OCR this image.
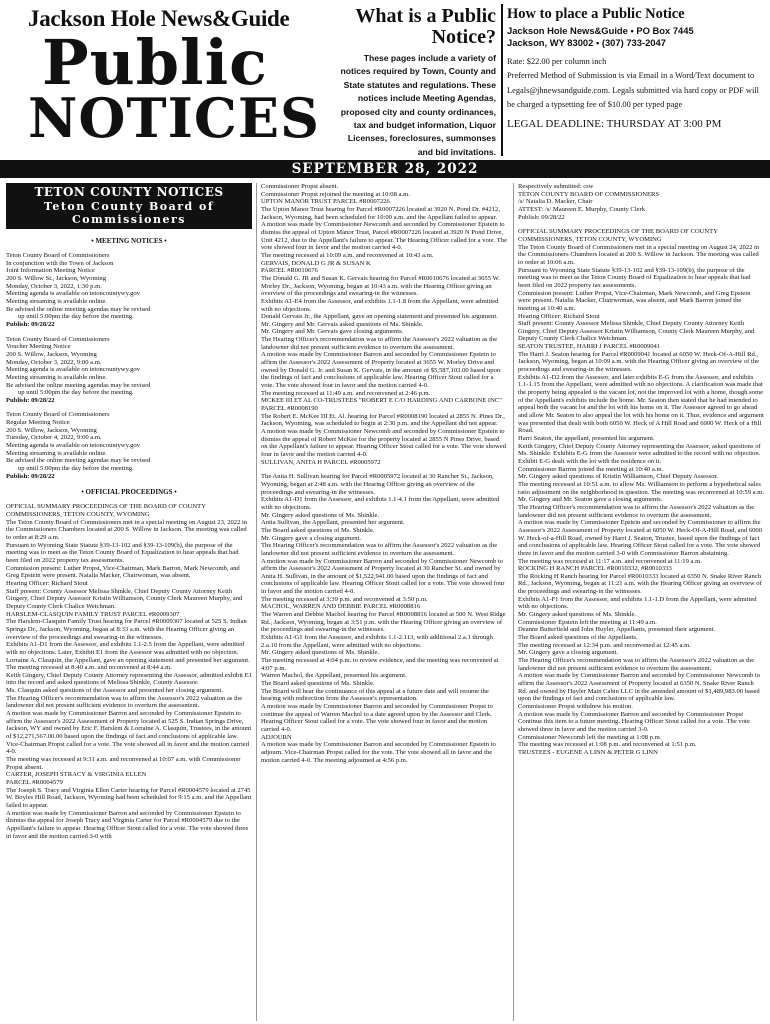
Jackson Hole News&Guide
Public
NOTICES
What is a Public Notice?
These pages include a variety of notices required by Town, County and State statutes and regulations. These notices include Meeting Agendas, proposed city and county ordinances, tax and budget information, Liquor Licenses, foreclosures, summonses and bid invitations.
How to place a Public Notice
Jackson Hole News&Guide • PO Box 7445
Jackson, WY 83002 • (307) 733-2047
Rate: $22.00 per column inch
Preferred Method of Submission is via Email in a Word/Text document to Legals@jhnewsandguide.com. Legals submitted via hard copy or PDF will be charged a typsetting fee of $10.00 per typed page
LEGAL DEADLINE: THURSDAY AT 3:00 PM
SEPTEMBER 28, 2022
TETON COUNTY NOTICES
Teton County Board of Commissioners
• MEETING NOTICES •
Teton County Board of Commissioners
In conjunction with the Town of Jackson
Joint Information Meeting Notice
200 S. Willow St., Jackson, Wyoming
Monday, October 3, 2022, 1:30 p.m.
Meeting agenda is available on tetoncountywy.gov
Meeting streaming is available online.
Be advised the online meeting agendas may be revised
up until 5:00pm the day before the meeting.
Publish: 09/28/22
Teton County Board of Commissioners
Voucher Meeting Notice
200 S. Willow, Jackson, Wyoming
Monday, October 3, 2022, 9:00 a.m.
Meeting agenda is available on tetoncountywy.gov
Meeting streaming is available online.
Be advised the online meeting agendas may be revised
up until 5:00pm the day before the meeting.
Publish: 09/28/22
Teton County Board of Commissioners
Regular Meeting Notice
200 S. Willow, Jackson, Wyoming
Tuesday, October 4, 2022, 9:00 a.m.
Meeting agenda is available on tetoncountywy.gov
Meeting streaming is available online.
Be advised the online meeting agendas may be revised
up until 5:00pm the day before the meeting.
Publish: 09/28/22
• OFFICIAL PROCEEDINGS •
OFFICIAL SUMMARY PROCEEDINGS OF THE BOARD OF COUNTY COMMISSIONERS, TETON COUNTY, WYOMING
The Teton County Board of Commissioners met in a special meeting on August 23, 2022 in the Commissioners Chambers located at 200 S. Willow in Jackson. The meeting was called to order at 8:29 a.m.
Pursuant to Wyoming State Statute §39-13-102 and §39-13-109(b), the purpose of the meeting was to meet as the Teton County Board of Equalization to hear appeals that had been filed on 2022 property tax assessments.
Commission present: Luther Propst, Vice-Chairman, Mark Barron, Mark Newcomb, and Greg Epstein were present. Natalia Macker, Chairwoman, was absent.
Hearing Officer: Richard Stout
Staff present: County Assessor Melissa Shinkle, Chief Deputy County Attorney Keith Gingery, Chief Deputy Assessor Kristin Williamson, County Clerk Maureen Murphy, and Deputy County Clerk Chalice Weichman.
HARSLEM-CLASQUIN FAMILY TRUST PARCEL #R0009307
The Harslem-Clasquin Family Trust hearing for Parcel #R0009307 located at 525 S. Indian Springs Dr., Jackson, Wyoming, began at 8:33 a.m. with the Hearing Officer giving an overview of the proceedings and swearing-in the witnesses.
Exhibits A1-D1 from the Assessor, and exhibits 1.1-2.5 from the Appellant, were admitted with no objections. Later, Exhibit E1 from the Assessor was admitted with no objection.
Lorraine A. Clasquin, the Appellant, gave an opening statement and presented her argument.
The meeting recessed at 8:40 a.m. and reconvened at 8:44 a.m.
Keith Gingery, Chief Deputy County Attorney representing the Assessor, admitted exhibit E1 into the record and asked questions of Melissa Shinkle, County Assessor.
Ms. Clasquin asked questions of the Assessor and presented her closing argument.
The Hearing Officer's recommendation was to affirm the Assessor's 2022 valuation as the landowner did not present sufficient evidence to overturn the assessment.
A motion was made by Commissioner Barron and seconded by Commissioner Epstein to affirm the Assessor's 2022 Assessment of Property located at 525 S. Indian Springs Drive, Jackson, WY and owned by Eric F. Harslem & Lorraine A. Clasquin, Trustees, in the amount of $12,271,567.00.00 based upon the findings of fact and conclusions of applicable law. Vice-Chairman Propst called for a vote. The vote showed all in favor and the motion carried 4-0.
The meeting was recessed at 9:31 a.m. and reconvened at 10:07 a.m. with Commissioner Propst absent.
CARTER, JOSEPH STRACY & VIRGINIA ELLEN
PARCEL #R0004579
The Joseph S. Tracy and Virginia Ellen Carter hearing for Parcel #R0004579 located at 2745 W. Boyles Hill Road, Jackson, Wyoming had been scheduled for 9:15 a.m. and the Appellant failed to appear.
A motion was made by Commissioner Barron and seconded by Commissioner Epstein to dismiss the appeal for Joseph Tracy and Virginia Carter for Parcel #R0004579 due to the Appellant's failure to appear. Hearing Officer Stout called for a vote. The vote showed three in favor and the motion carried 3-0 with
Commissioner Propst absent.
Commissioner Propst rejoined the meeting at 10:08 a.m.
UPTON MANOR TRUST PARCEL #R0007226
The Upton Manor Trust hearing for Parcel #R0007226 located at 3920 N. Pond Dr. #4212, Jackson, Wyoming, had been scheduled for 10:00 a.m. and the Appellant failed to appear.
A motion was made by Commissioner Newcomb and seconded by Commissioner Epstein to dismiss the appeal of Upton Manor Trust, Parcel #R0007226 located at 3920 N Pond Drive, Unit 4212, due to the Appellant's failure to appear. The Hearing Officer called for a vote. The vote showed four in favor and the motion carried 4-0.
The meeting recessed at 10:09 a.m. and reconvened at 10:43 a.m.
GERVAIS, DONALD G JR & SUSAN K
PARCEL #R0010676
The Donald G. JR and Susan K. Gervais hearing for Parcel #R0010676 located at 3655 W. Morley Dr., Jackson, Wyoming, began at 10:43 a.m. with the Hearing Officer giving an overview of the proceedings and swearing-in the witnesses.
Exhibits A1-E4 from the Assessor, and exhibits 1.1-1.8 from the Appellant, were admitted with no objections.
Donald Gervais Jr., the Appellant, gave an opening statement and presented his argument.
Mr. Gingery and Mr. Gervais asked questions of Ms. Shinkle.
Mr. Gingery and Mr. Gervais gave closing arguments.
The Hearing Officer's recommendation was to affirm the Assessor's 2022 valuation as the landowner did not present sufficient evidence to overturn the assessment.
A motion was made by Commissioner Barron and seconded by Commissioner Epstein to affirm the Assessor's 2022 Assessment of Property located at 3655 W. Morley Drive and owned by Donald G. Jr. and Susan K. Gervais, in the amount of $5,587,103.00 based upon the findings of fact and conclusions of applicable law. Hearing Officer Stout called for a vote. The vote showed four in favor and the motion carried 4-0.
The meeting recessed at 11:49 a.m. and reconvened at 2:46 p.m.
MCKEE III ET AL CO-TRUSTEES "ROBERT E C/O HARDING AND CARBONE INC" PARCEL #R0008190
The Robert E. McKee III Et. Al. hearing for Parcel #R0008190 located at 2855 N. Pines Dr., Jackson, Wyoming, was scheduled to begin at 2:30 p.m. and the Appellant did not appear.
A motion was made by Commissioner Newcomb and seconded by Commissioner Epstein to dismiss the appeal of Robert McKee for the property located at 2855 N Pines Drive, based on the Appellant's failure to appear. Hearing Officer Stout called for a vote. The vote showed four in favor and the motion carried 4-0.
SULLIVAN, ANITA H PARCEL #R0005972
The Anita H. Sullivan hearing for Parcel #R0005972 located at 30 Rancher St., Jackson, Wyoming, began at 2:48 a.m. with the Hearing Officer giving an overview of the proceedings and swearing-in the witnesses.
Exhibits A1-D1 from the Assessor, and exhibits 1.1-4.1 from the Appellant, were admitted with no objections.
Mr. Gingery asked questions of Ms. Shinkle.
Anita Sullivan, the Appellant, presented her argument.
The Board asked questions of Ms. Shinkle.
Mr. Gingery gave a closing argument.
The Hearing Officer's recommendation was to affirm the Assessor's 2022 valuation as the landowner did not present sufficient evidence to overturn the assessment.
A motion was made by Commissioner Barron and seconded by Commissioner Newcomb to affirm the Assessor's 2022 Assessment of Property located at 30 Rancher St. and owned by Anita H. Sullivan, in the amount of $1,522,941.00 based upon the findings of fact and conclusions of applicable law. Hearing Officer Stout called for a vote. The vote showed four in favor and the motion carried 4-0.
The meeting recessed at 3:39 p.m. and reconvened at 3:50 p.m.
MACHOL, WARREN AND DEBBIE PARCEL #R0008816
The Warren and Debbie Machol hearing for Parcel #R0008816 located at 500 N. West Ridge Rd., Jackson, Wyoming, began at 3:51 p.m. with the Hearing Officer giving an overview of the proceedings and swearing-in the witnesses.
Exhibits A1-G1 from the Assessor, and exhibits 1.1-2.113, with additional 2.a.1 through 2.a.10 from the Appellant, were admitted with no objections.
Mr. Gingery asked questions of Ms. Shinkle.
The meeting recessed at 4:04 p.m. to review evidence, and the meeting was reconvened at 4:07 p.m.
Warren Machol, the Appellant, presented his argument.
The Board asked questions of Ms. Shinkle.
The Board will hear the continuance of this appeal at a future date and will resume the hearing with redirection from the Assessor's representation.
A motion was made by Commissioner Barron and seconded by Commissioner Propst to continue the appeal of Warren Machol to a date agreed upon by the Assessor and Clerk. Hearing Officer Stout called for a vote. The vote showed four in favor and the motion carried 4-0.
ADJOURN
A motion was made by Commissioner Barron and seconded by Commissioner Epstein to adjourn. Vice-Chairman Propst called for the vote. The vote showed all in favor and the motion carried 4-0. The meeting adjourned at 4:56 p.m.
Respectively submitted: csw
TETON COUNTY BOARD OF COMMISSIONERS
/s/ Natalia D. Macker, Chair
ATTEST: /s/ Maureen E. Murphy, County Clerk
Publish: 09/28/22
OFFICIAL SUMMARY PROCEEDINGS OF THE BOARD OF COUNTY COMMISSIONERS, TETON COUNTY, WYOMING
The Teton County Board of Commissioners met in a special meeting on August 24, 2022 in the Commissioners Chambers located at 200 S. Willow in Jackson. The meeting was called to order at 10:06 a.m.
Pursuant to Wyoming State Statute §39-13-102 and §39-13-109(b), the purpose of the meeting was to meet as the Teton County Board of Equalization to hear appeals that had been filed on 2022 property tax assessments.
Commission present: Luther Propst, Vice-Chairman, Mark Newcomb, and Greg Epstein were present. Natalia Macker, Chairwoman, was absent, and Mark Barron joined the meeting at 10:40 a.m.
Hearing Officer: Richard Stout
Staff present: County Assessor Melissa Shinkle, Chief Deputy County Attorney Keith Gingery, Chief Deputy Assessor Kristin Williamson, County Clerk Maureen Murphy, and Deputy County Clerk Chalice Weichman.
SEATON TRUSTEE, HARRI J PARCEL #R0009041
The Harri J. Seaton hearing for Parcel #R0009041 located at 6050 W. Heck-Of-A-Hill Rd., Jackson, Wyoming, began at 10:09 a.m. with the Hearing Officer giving an overview of the proceedings and swearing-in the witnesses.
Exhibits A1-D2 from the Assessor, and later exhibits E-G from the Assessor, and exhibits 1.1-1.15 from the Appellant, were admitted with no objections. A clarification was made that the property being appealed is the vacant lot, not the improved lot with a home, though some of the Appellant's exhibits include the home. Mr. Seaton then stated that he had intended to appeal both the vacant lot and the lot with his home on it. The Assessor agreed to go ahead and allow Mr. Seaton to also appeal the lot with his home on it. Thus, evidence and argument was presented that dealt with both 6050 W. Heck of A Hill Road and 6000 W. Heck of a Hill Road.
Harri Seaton, the appellant, presented his argument.
Keith Gingery, Chief Deputy County Attorney representing the Assessor, asked questions of Ms. Shinkle. Exhibits E-G from the Assessor were admitted to the record with no objection.
Exhibit E-G dealt with the lot with the residence on it.
Commissioner Barron joined the meeting at 10:40 a.m.
Mr. Gingery asked questions of Kristin Williamson, Chief Deputy Assessor.
The meeting recessed at 10:51 a.m. to allow Ms. Williamson to perform a hypothetical sales ratio adjustment on the neighborhood in question. The meeting was reconvened at 10:59 a.m.
Mr. Gingery and Mr. Seaton gave a closing arguments.
The Hearing Officer's recommendation was to affirm the Assessor's 2022 valuation as the landowner did not present sufficient evidence to overturn the assessment.
A motion was made by Commissioner Epstein and seconded by Commissioner to affirm the Assessor's 2022 Assessment of Property located at 6050 W. Heck-Of-A-Hill Road, and 6000 W. Heck-of-a-Hill Road, owned by Harri J. Seaton, Trustee, based upon the findings of fact and conclusions of applicable law. Hearing Officer Stout called for a vote. The vote showed three in favor and the motion carried 3-0 with Commissioner Barron abstaining.
The meeting was recessed at 11:17 a.m. and reconvened at 11:19 a.m.
ROCKING H RANCH PARCEL #R0010332, #R0010333
The Rocking H Ranch hearing for Parcel #R0010333 located at 6350 N. Snake River Ranch Rd., Jackson, Wyoming, began at 11:21 a.m. with the Hearing Officer giving an overview of the proceedings and swearing-in the witnesses.
Exhibits A1-F1 from the Assessor, and exhibits 1.1-1.D from the Appellant, were admitted with no objections.
Mr. Gingery asked questions of Ms. Shinkle.
Commissioner Epstein left the meeting at 11:49 a.m.
Deanne Butterfield and John Huyler, Appellants, presented their argument.
The Board asked questions of the Appellants.
The meeting recessed at 12:34 p.m. and reconvened at 12:45 a.m.
Mr. Gingery gave a closing argument.
The Hearing Officer's recommendation was to affirm the Assessor's 2022 valuation as the landowner did not present sufficient evidence to overturn the assessment.
A motion was made by Commissioner Barron and seconded by Commissioner Newcomb to affirm the Assessor's 2022 Assessment of Property located at 6350 N. Snake River Ranch Rd. and owned by Huyler Main Cabin LLC in the amended amount of $1,489,983.00 based upon the findings of fact and conclusions of applicable law.
Commissioner Propst withdrew his motion.
A motion was made by Commissioner Barron and seconded by Commissioner Propst Continue this item to a future meeting. Hearing Officer Stout called for a vote. The vote showed three in favor and the motion carried 3-0.
Commissioner Newcomb left the meeting at 1:08 p.m.
The meeting was recessed at 1:08 p.m. and reconvened at 1:51 p.m.
TRUSTEES - EUGENE A LINN & PETER G LINN
